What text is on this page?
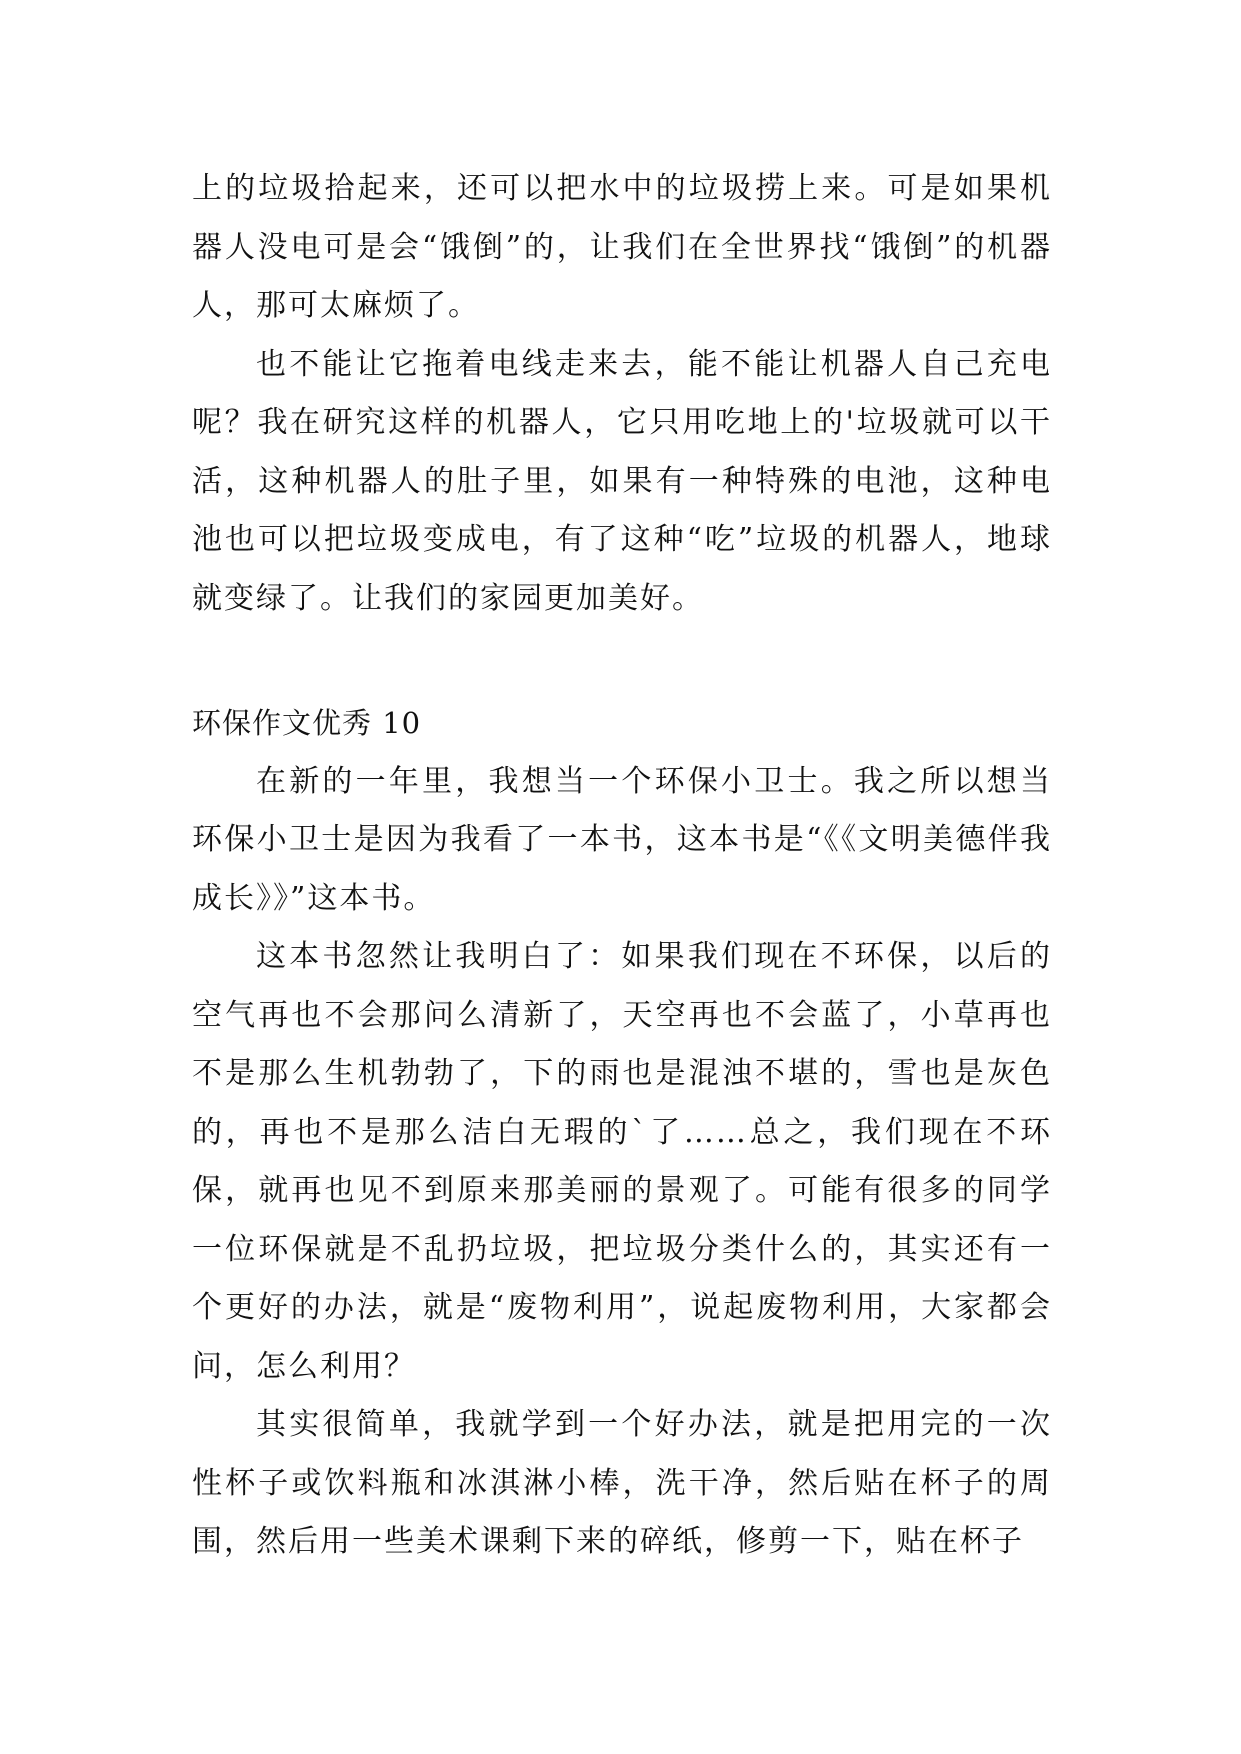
上的垃圾拾起来，还可以把水中的垃圾捞上来。可是如果机器人没电可是会“饿倒”的，让我们在全世界找“饿倒”的机器人，那可太麻烦了。

也不能让它拖着电线走来去，能不能让机器人自己充电呢？我在研究这样的机器人，它只用吃地上的'垃圾就可以干活，这种机器人的肚子里，如果有一种特殊的电池，这种电池也可以把垃圾变成电，有了这种“吃”垃圾的机器人，地球就变绿了。让我们的家园更加美好。

环保作文优秀 10

在新的一年里，我想当一个环保小卫士。我之所以想当环保小卫士是因为我看了一本书，这本书是“《《文明美德伴我成长》》”这本书。

这本书忽然让我明白了：如果我们现在不环保，以后的空气再也不会那问么清新了，天空再也不会蓝了，小草再也不是那么生机勃勃了，下的雨也是混浊不堪的，雪也是灰色的，再也不是那么洁白无瑕的`了……总之，我们现在不环保，就再也见不到原来那美丽的景观了。可能有很多的同学一位环保就是不乱扔垃圾，把垃圾分类什么的，其实还有一个更好的办法，就是“废物利用”，说起废物利用，大家都会问，怎么利用？

其实很简单，我就学到一个好办法，就是把用完的一次性杯子或饮料瓶和冰淇淋小棒，洗干净，然后贴在杯子的周围，然后用一些美术课剩下来的碎纸，修剪一下，贴在杯子
